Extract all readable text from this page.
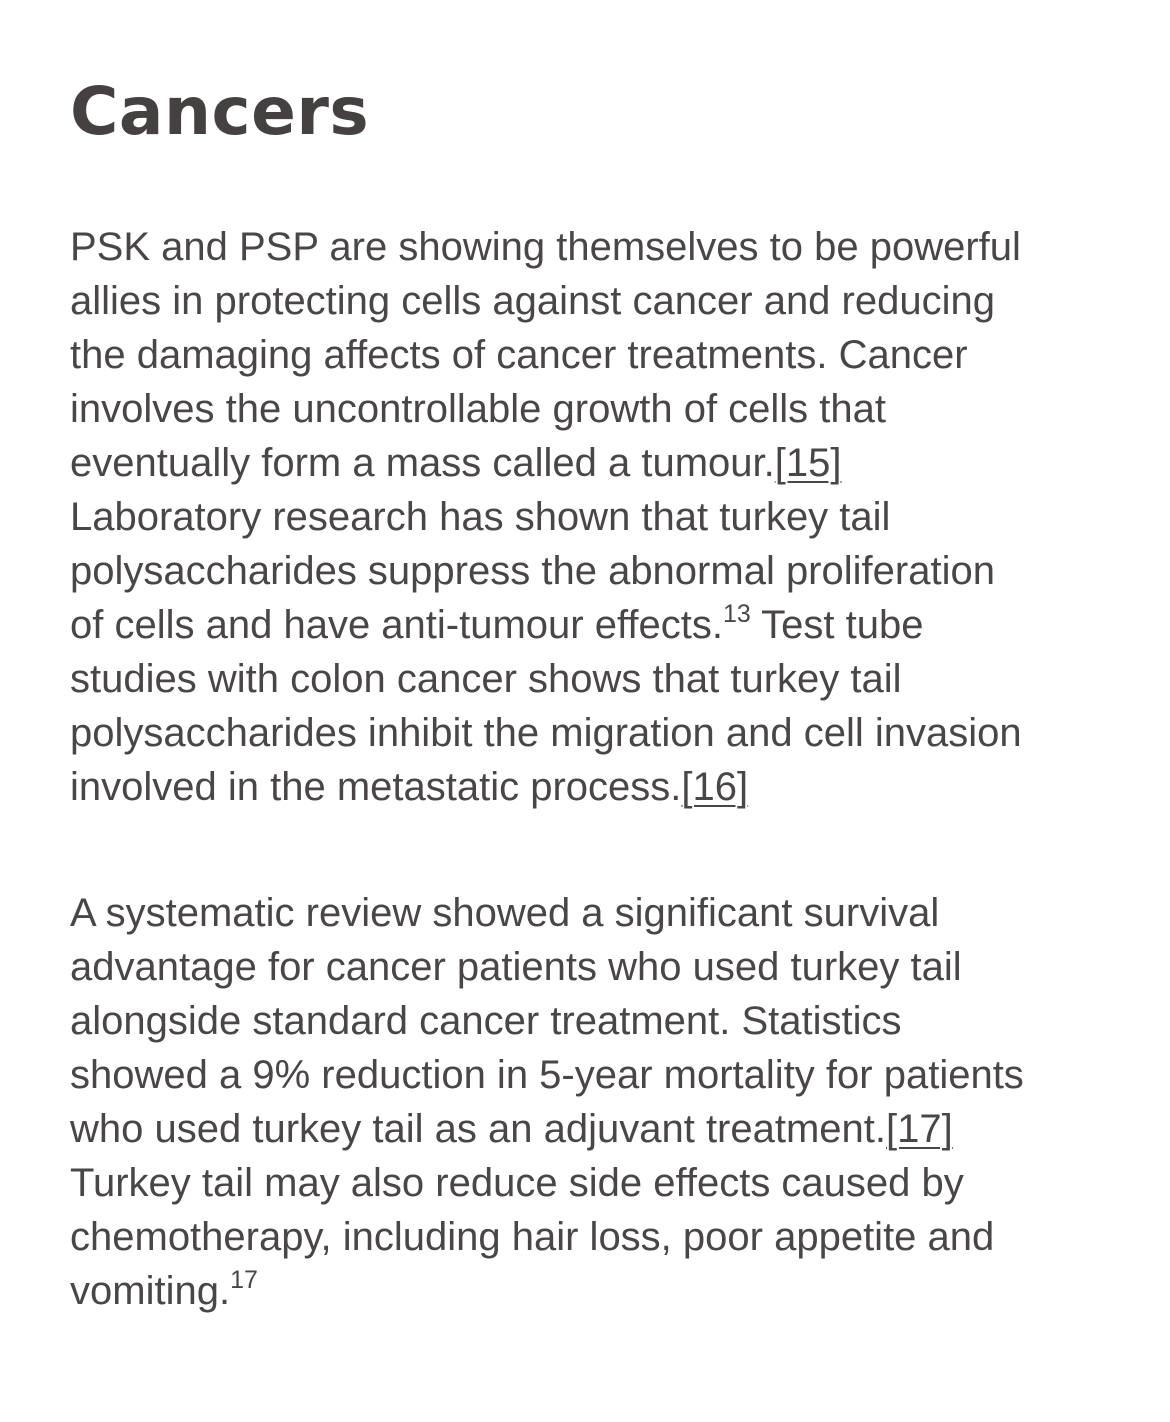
Cancers

PSK and PSP are showing themselves to be powerful
allies in protecting cells against cancer and reducing
the damaging affects of cancer treatments. Cancer
involves the uncontrollable growth of cells that
eventually form a mass called a tumour.[15]
Laboratory research has shown that turkey tail
polysaccharides suppress the abnormal proliferation
of cells and have anti-tumour effects.$^{13}$ Test tube
studies with colon cancer shows that turkey tail
polysaccharides inhibit the migration and cell invasion
involved in the metastatic process.[16]

A systematic review showed a significant survival
advantage for cancer patients who used turkey tail
alongside standard cancer treatment. Statistics
showed a 9% reduction in 5-year mortality for patients
who used turkey tail as an adjuvant treatment.[17]
Turkey tail may also reduce side effects caused by
chemotherapy, including hair loss, poor appetite and
vomiting.$^{17}$
